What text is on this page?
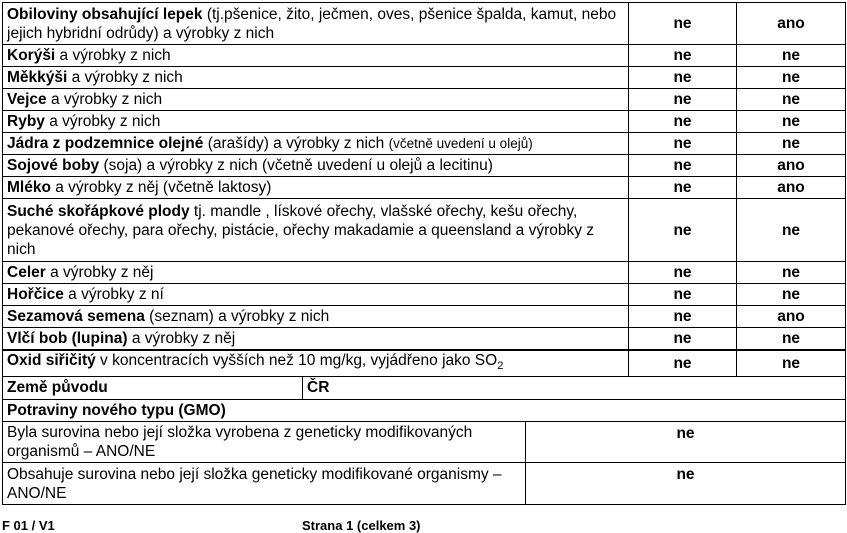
Obiloviny obsahující lepek (tj.pšenice, žito, ječmen, oves, pšenice špalda, kamut, nebo jejich hybridní odrůdy) a výrobky z nich	ne	ano
Korýši a výrobky z nich	ne	ne
Měkkýši a výrobky z nich	ne	ne
Vejce a výrobky z nich	ne	ne
Ryby a výrobky z nich	ne	ne
Jádra z podzemnice olejné (arašídy) a výrobky z nich (včetně uvedení u olejů)	ne	ne
Sojové boby (soja) a výrobky z nich (včetně uvedení u olejů a lecitinu)	ne	ano
Mléko a výrobky z něj (včetně laktosy)	ne	ano
Suché skořápkové plody tj. mandle , lískové ořechy, vlašské ořechy, kešu ořechy, pekanové ořechy, para ořechy, pistácie, ořechy makadamie a queensland a výrobky z nich	ne	ne
Celer a výrobky z něj	ne	ne
Hořčice a výrobky z ní	ne	ne
Sezamová semena (seznam) a výrobky z nich	ne	ano
Vlčí bob (lupina) a výrobky z něj	ne	ne
Oxid siřičitý v koncentracích vyšších než 10 mg/kg, vyjádřeno jako $SO_2$	ne	ne

Země původu ČR		

Potraviny nového typu (GMO)		
Byla surovina nebo její složka vyrobena z geneticky modifikovaných organismů – ANO/NE	ne
Obsahuje surovina nebo její složka geneticky modifikované organismy – ANO/NE	ne
F 01 / V1	Strana 1 (celkem 3)
